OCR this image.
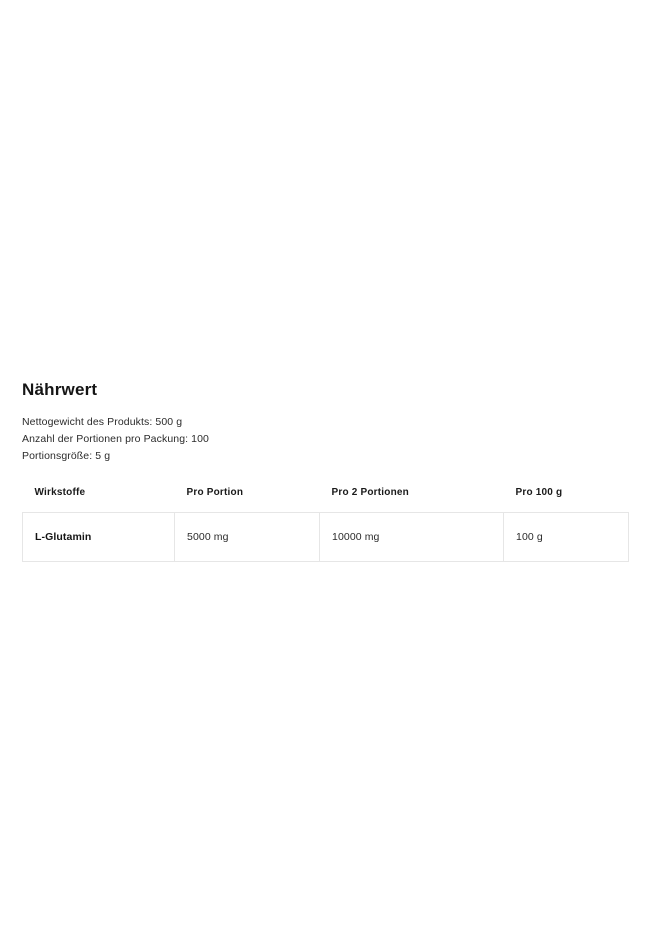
Nährwert
Nettogewicht des Produkts: 500 g
Anzahl der Portionen pro Packung: 100
Portionsgröße: 5 g
Wirkstoffe	Pro Portion	Pro 2 Portionen	Pro 100 g
L-Glutamin	5000 mg	10000 mg	100 g
